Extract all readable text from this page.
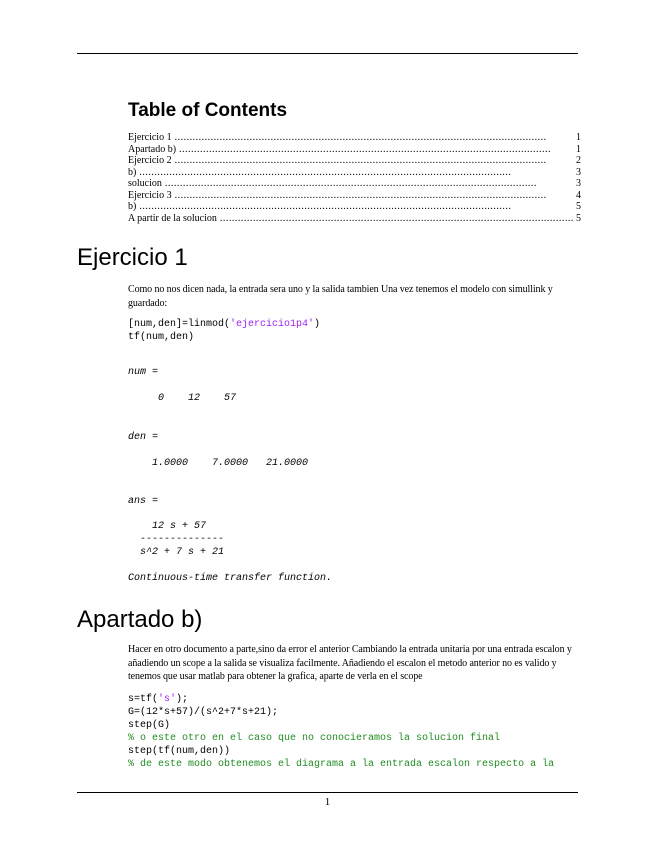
Table of Contents
Ejercicio 1 . . .	1
Apartado b) . . .	1
Ejercicio 2 . . .	2
b) . . .	3
solucion . . .	3
Ejercicio 3 . . .	4
b) . . .	5
A partir de la solucion . . .	5
Ejercicio 1

Como no nos dicen nada, la entrada sera uno y la salida tambien Una vez tenemos el modelo con simullink y guardado:

[num,den]=linmod('ejercicio1p4')
tf(num,den)
num =
0    12    57
den =
1.0000    7.0000   21.0000
ans =
12 s + 57
--------------
s^2 + 7 s + 21
Continuous-time transfer function.
Apartado b)

Hacer en otro documento a parte,sino da error el anterior Cambiando la entrada unitaria por una entrada escalon y añadiendo un scope a la salida se visualiza facilmente. Añadiendo el escalon el metodo anterior no es valido y tenemos que usar matlab para obtener la grafica, aparte de verla en el scope

s=tf('s');
G=(12*s+57)/(s^2+7*s+21);
step(G)
% o este otro en el caso que no conocieramos la solucion final
step(tf(num,den))
% de este modo obtenemos el diagrama a la entrada escalon respecto a la
1
